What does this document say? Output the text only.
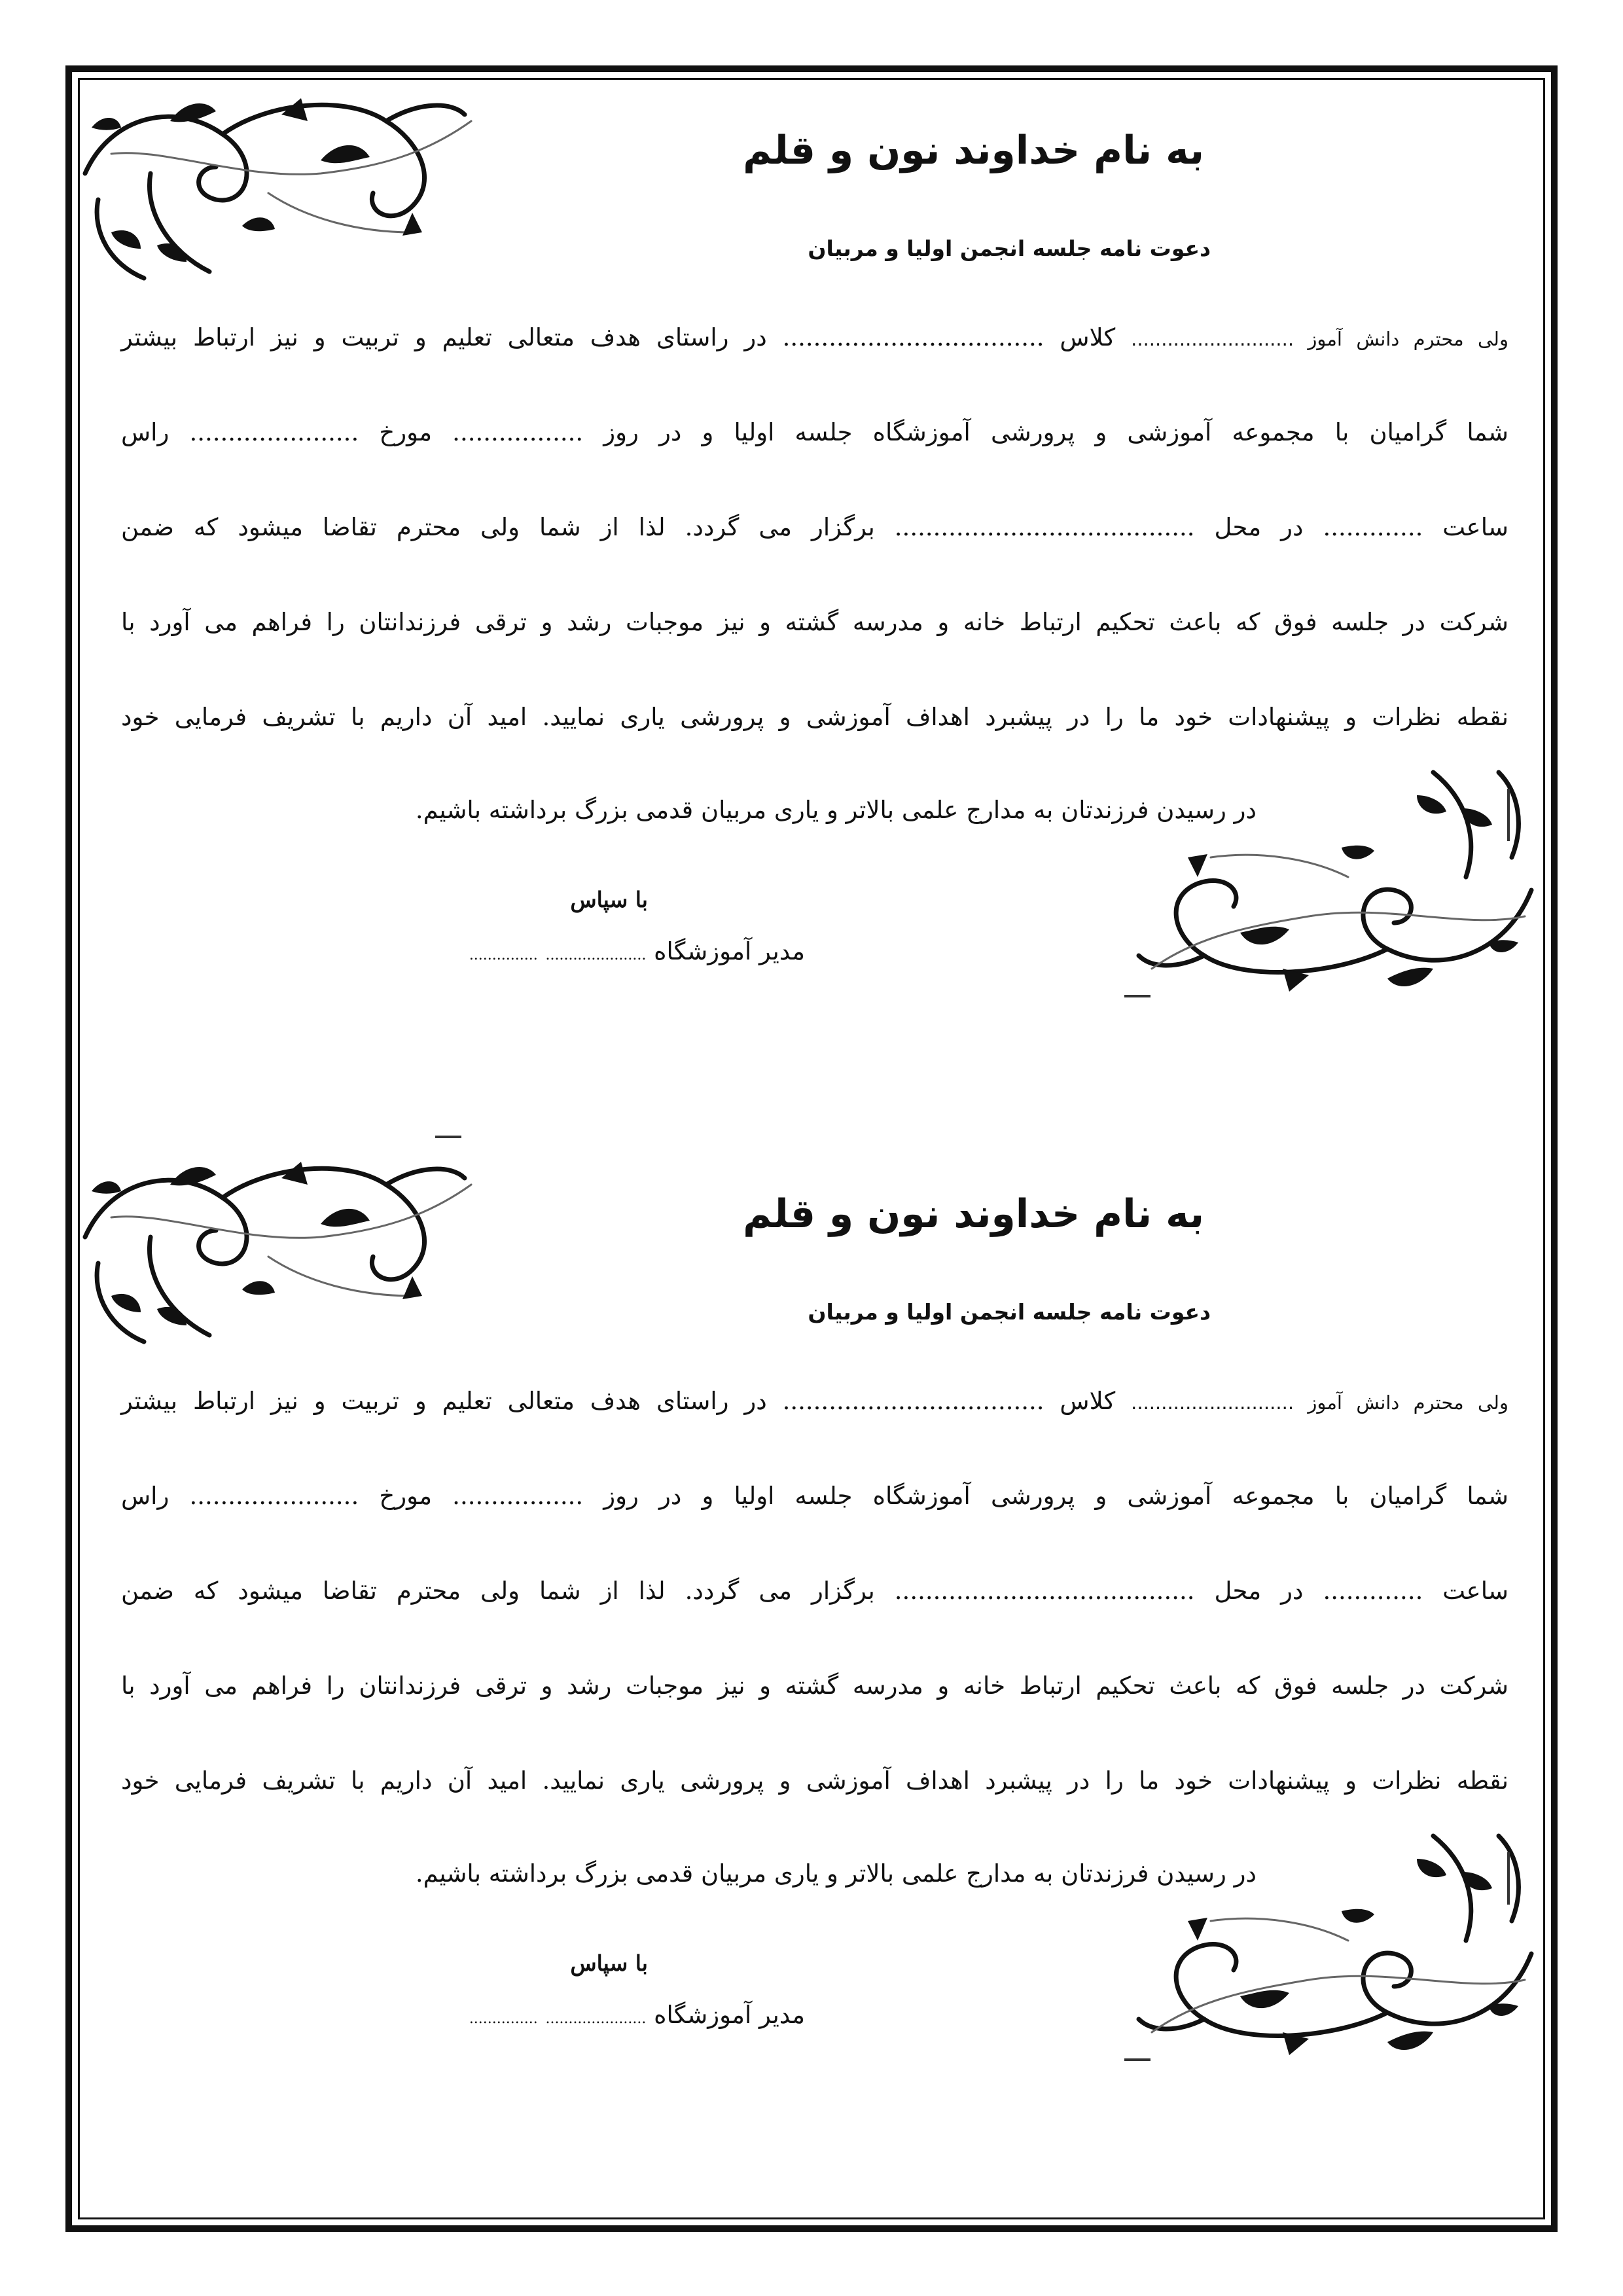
به نام خداوند نون و قلم
دعوت نامه جلسه انجمن اولیا و مربیان

ولی محترم دانش آموز ........................... کلاس .................................. در راستای هدف متعالی تعلیم و تربیت و نیز ارتباط بیشتر

شما گرامیان با مجموعه آموزشی و پرورشی آموزشگاه جلسه اولیا و در روز ................. مورخ ...................... راس

ساعت ............. در محل ....................................... برگزار می گردد. لذا از شما ولی محترم تقاضا میشود که ضمن

شرکت در جلسه فوق که باعث تحکیم ارتباط خانه و مدرسه گشته و نیز موجبات رشد و ترقی فرزندانتان را فراهم می آورد با

نقطه نظرات و پیشنهادات خود ما را در پیشبرد اهداف آموزشی و پرورشی یاری نمایید. امید آن داریم با تشریف فرمایی خود

در رسیدن فرزندتان به مدارج علمی بالاتر و یاری مربیان قدمی بزرگ برداشته باشیم.

با سپاس

مدیر آموزشگاه ...................... ...............

به نام خداوند نون و قلم
دعوت نامه جلسه انجمن اولیا و مربیان

ولی محترم دانش آموز ........................... کلاس .................................. در راستای هدف متعالی تعلیم و تربیت و نیز ارتباط بیشتر

شما گرامیان با مجموعه آموزشی و پرورشی آموزشگاه جلسه اولیا و در روز ................. مورخ ...................... راس

ساعت ............. در محل ....................................... برگزار می گردد. لذا از شما ولی محترم تقاضا میشود که ضمن

شرکت در جلسه فوق که باعث تحکیم ارتباط خانه و مدرسه گشته و نیز موجبات رشد و ترقی فرزندانتان را فراهم می آورد با

نقطه نظرات و پیشنهادات خود ما را در پیشبرد اهداف آموزشی و پرورشی یاری نمایید. امید آن داریم با تشریف فرمایی خود

در رسیدن فرزندتان به مدارج علمی بالاتر و یاری مربیان قدمی بزرگ برداشته باشیم.

با سپاس

مدیر آموزشگاه ...................... ...............
